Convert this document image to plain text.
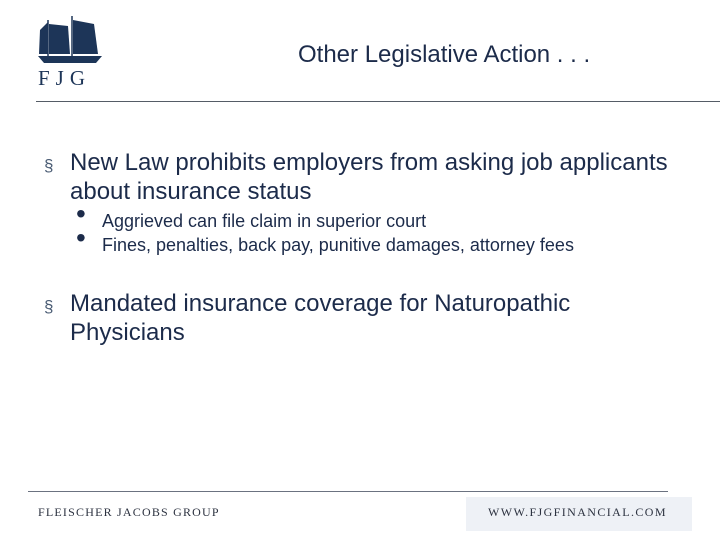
FJG
Other Legislative Action . . .
§ New Law prohibits employers from asking job applicants about insurance status
• Aggrieved can file claim in superior court
• Fines, penalties, back pay, punitive damages, attorney fees
§ Mandated insurance coverage for Naturopathic Physicians
FLEISCHER JACOBS GROUP	WWW.FJGFINANCIAL.COM
